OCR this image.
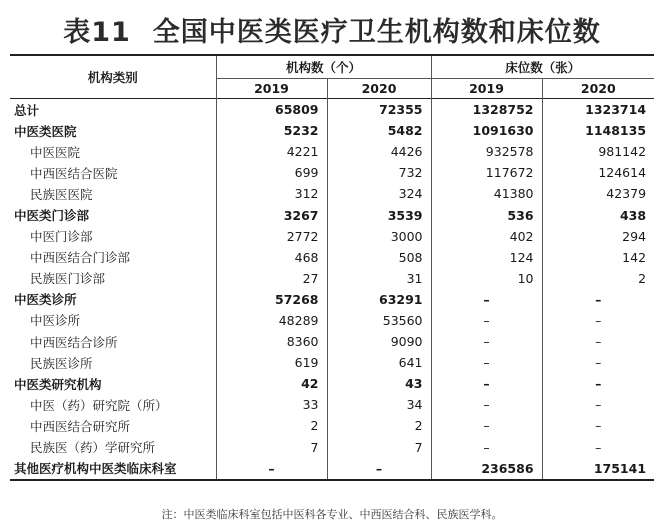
表11 全国中医类医疗卫生机构数和床位数
机构类别	机构数（个）		床位数（张）	
	2019	2020	2019	2020
总计	65809	72355	1328752	1323714
中医类医院	5232	5482	1091630	1148135
中医医院	4221	4426	932578	981142
中西医结合医院	699	732	117672	124614
民族医医院	312	324	41380	42379
中医类门诊部	3267	3539	536	438
中医门诊部	2772	3000	402	294
中西医结合门诊部	468	508	124	142
民族医门诊部	27	31	10	2
中医类诊所	57268	63291	–	–
中医诊所	48289	53560	–	–
中西医结合诊所	8360	9090	–	–
民族医诊所	619	641	–	–
中医类研究机构	42	43	–	–
中医（药）研究院（所）	33	34	–	–
中西医结合研究所	2	2	–	–
民族医（药）学研究所	7	7	–	–
其他医疗机构中医类临床科室	–	–	236586	175141
注：中医类临床科室包括中医科各专业、中西医结合科、民族医学科。
